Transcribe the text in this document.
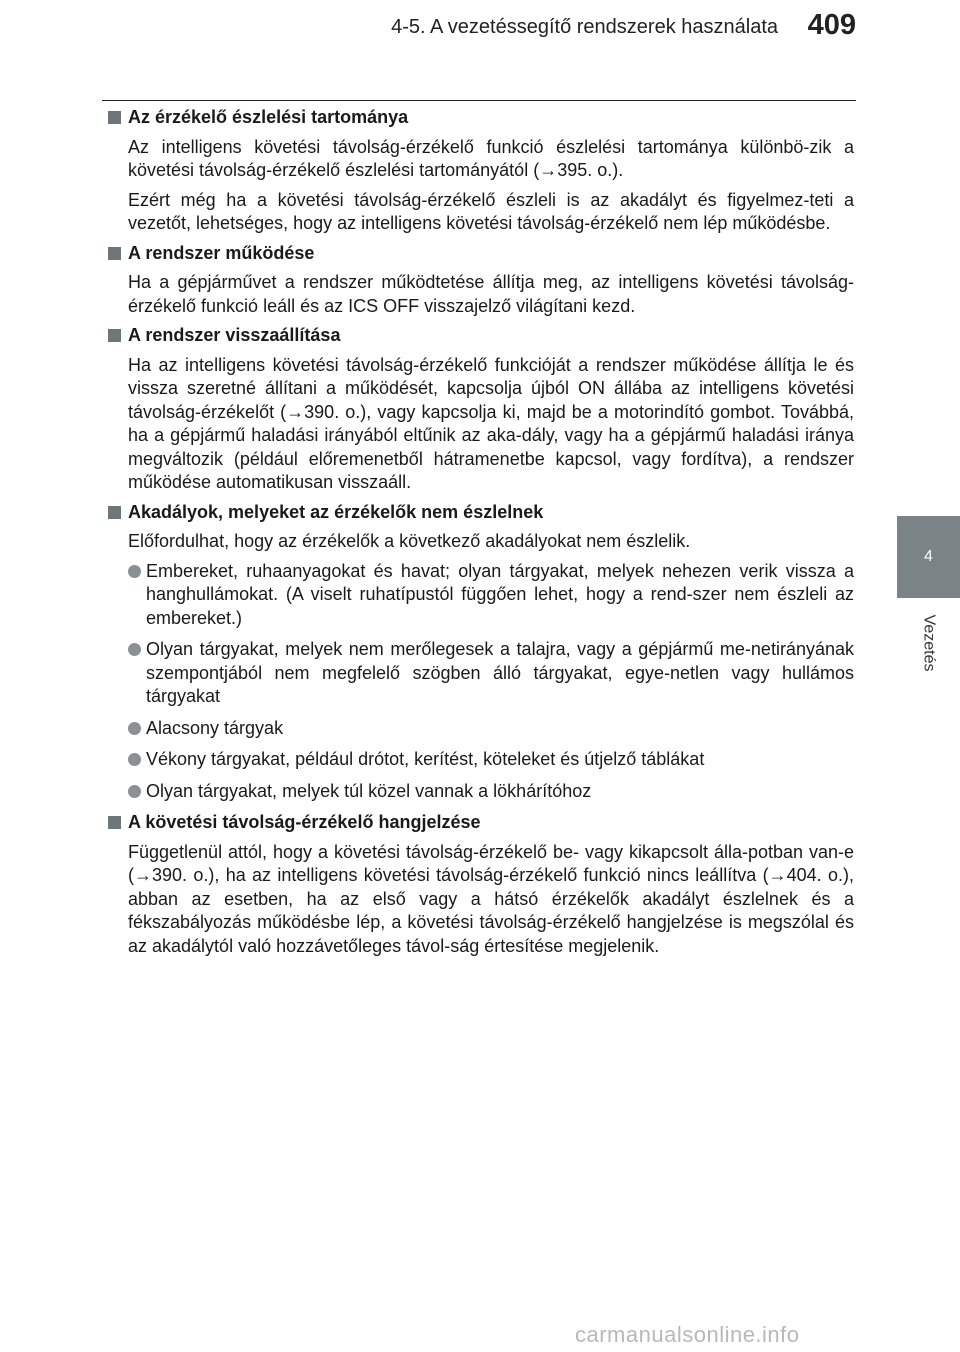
4-5. A vezetéssegítő rendszerek használata 409
4
Vezetés
Az érzékelő észlelési tartománya

Az intelligens követési távolság-érzékelő funkció észlelési tartománya különbö-zik a követési távolság-érzékelő észlelési tartományától (→395. o.).

Ezért még ha a követési távolság-érzékelő észleli is az akadályt és figyelmez-teti a vezetőt, lehetséges, hogy az intelligens követési távolság-érzékelő nem lép működésbe.

A rendszer működése

Ha a gépjárművet a rendszer működtetése állítja meg, az intelligens követési távolság-érzékelő funkció leáll és az ICS OFF visszajelző világítani kezd.

A rendszer visszaállítása

Ha az intelligens követési távolság-érzékelő funkcióját a rendszer működése állítja le és vissza szeretné állítani a működését, kapcsolja újból ON állába az intelligens követési távolság-érzékelőt (→390. o.), vagy kapcsolja ki, majd be a motorindító gombot. Továbbá, ha a gépjármű haladási irányából eltűnik az aka-dály, vagy ha a gépjármű haladási iránya megváltozik (például előremenetből hátramenetbe kapcsol, vagy fordítva), a rendszer működése automatikusan visszaáll.

Akadályok, melyeket az érzékelők nem észlelnek

Előfordulhat, hogy az érzékelők a következő akadályokat nem észlelik.

Embereket, ruhaanyagokat és havat; olyan tárgyakat, melyek nehezen verik vissza a hanghullámokat. (A viselt ruhatípustól függően lehet, hogy a rend-szer nem észleli az embereket.)
Olyan tárgyakat, melyek nem merőlegesek a talajra, vagy a gépjármű me-netirányának szempontjából nem megfelelő szögben álló tárgyakat, egye-netlen vagy hullámos tárgyakat
Alacsony tárgyak
Vékony tárgyakat, például drótot, kerítést, köteleket és útjelző táblákat
Olyan tárgyakat, melyek túl közel vannak a lökhárítóhoz
A követési távolság-érzékelő hangjelzése

Függetlenül attól, hogy a követési távolság-érzékelő be- vagy kikapcsolt álla-potban van-e (→390. o.), ha az intelligens követési távolság-érzékelő funkció nincs leállítva (→404. o.), abban az esetben, ha az első vagy a hátsó érzékelők akadályt észlelnek és a fékszabályozás működésbe lép, a követési távolság-érzékelő hangjelzése is megszólal és az akadálytól való hozzávetőleges távol-ság értesítése megjelenik.

carmanualsonline.info
